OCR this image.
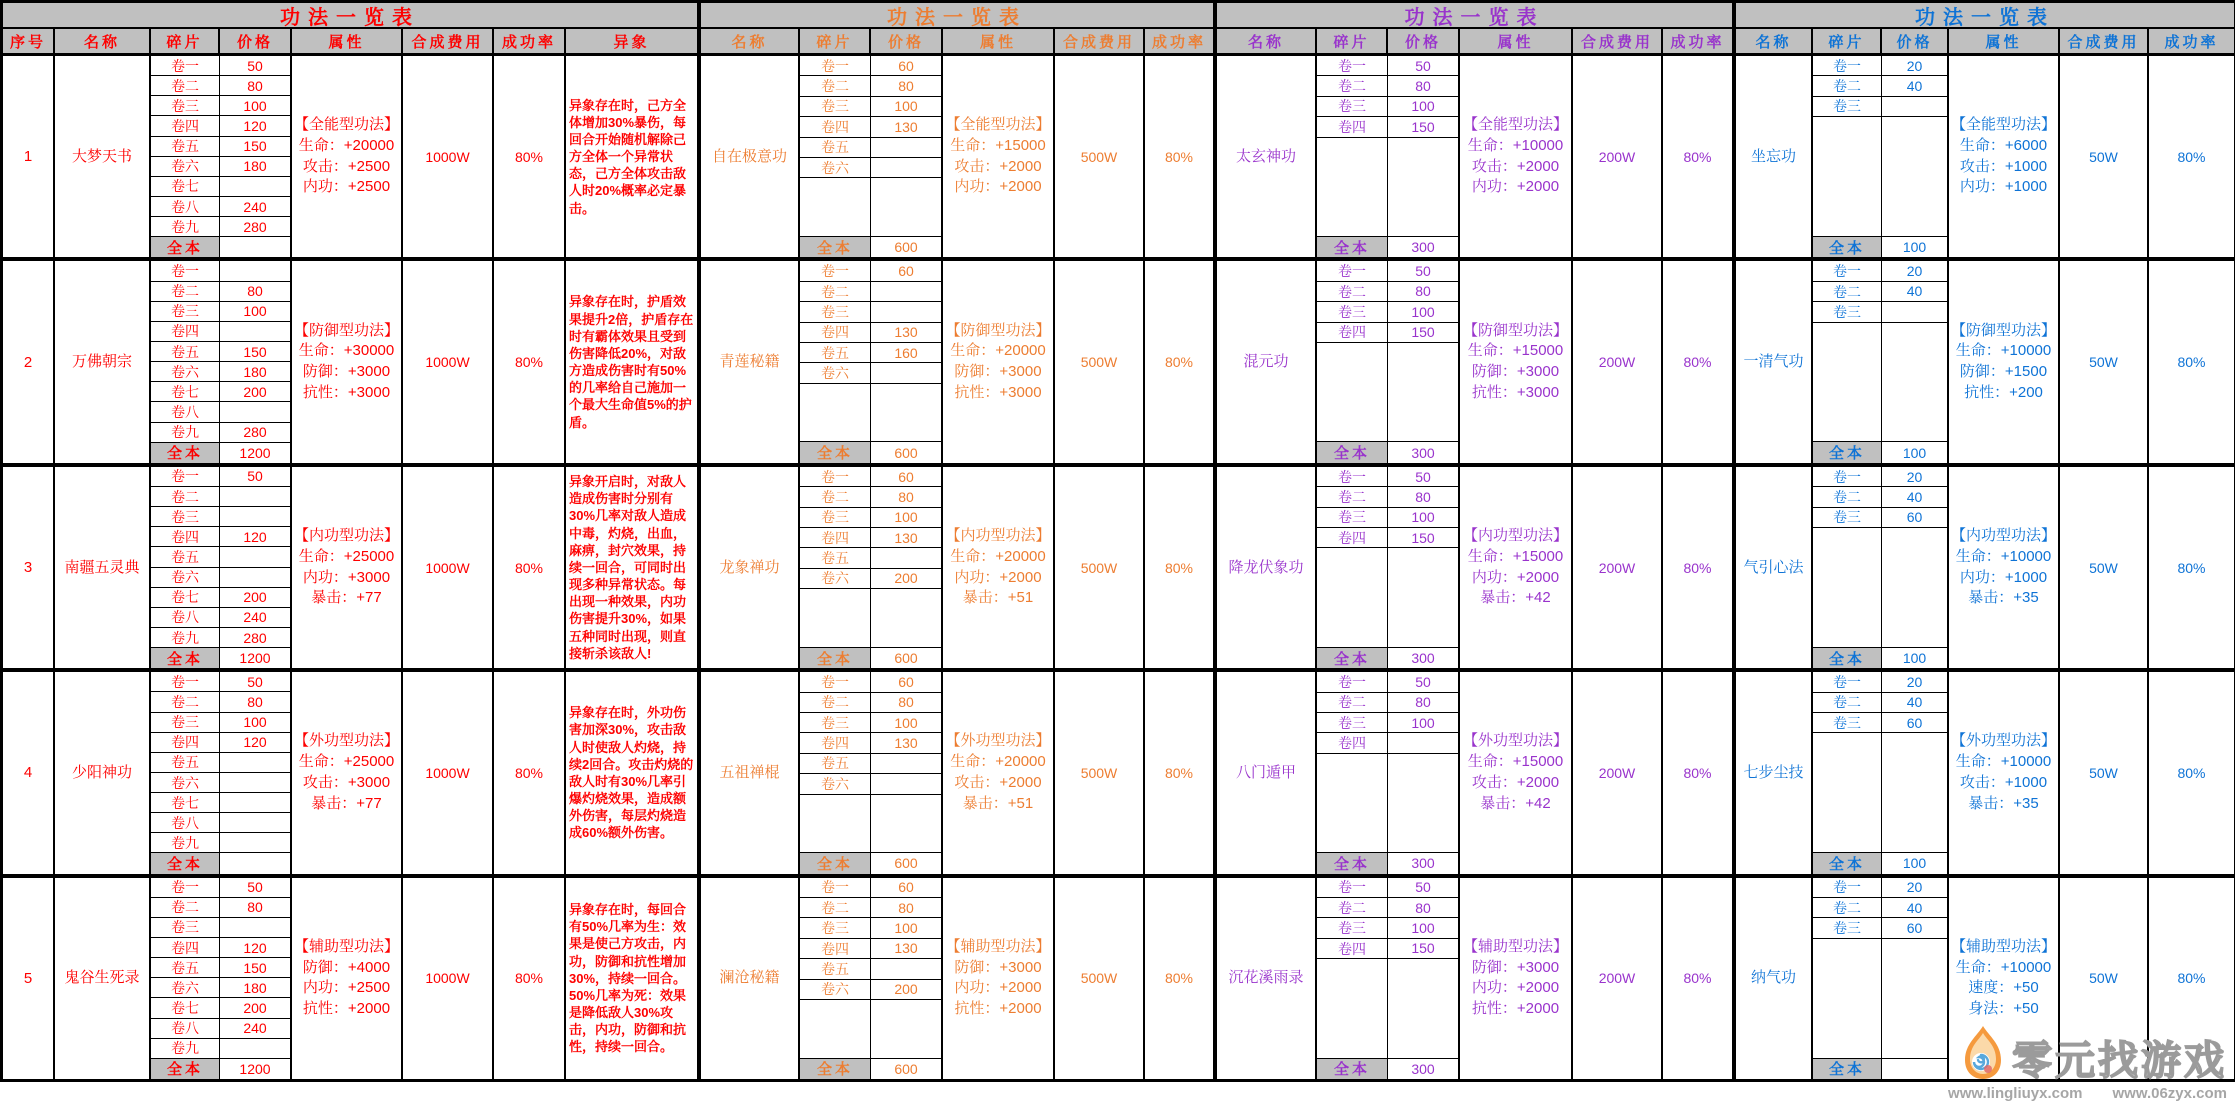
功法一览表
序号	名称	碎片	价格	属性	合成费用	成功率	异象
1	大梦天书
卷一	50
卷二	80
卷三	100
卷四	120
卷五	150
卷六	180
卷七
卷八	240
卷九	280
全本
【全能型功法】
生命：+20000
攻击：+2500
内功：+2500
1000W	80%
异象存在时，己方全体增加30%暴伤，每回合开始随机解除己方全体一个异常状态，己方全体攻击敌人时20%概率必定暴击。
2	万佛朝宗
卷一
卷二	80
卷三	100
卷四
卷五	150
卷六	180
卷七	200
卷八
卷九	280
全本	1200
【防御型功法】
生命：+30000
防御：+3000
抗性：+3000
1000W	80%
异象存在时，护盾效果提升2倍，护盾存在时有霸体效果且受到伤害降低20%，对敌方造成伤害时有50%的几率给自己施加一个最大生命值5%的护盾。
3	南疆五灵典
卷一	50
卷二
卷三
卷四	120
卷五
卷六
卷七	200
卷八	240
卷九	280
全本	1200
【内功型功法】
生命：+25000
内功：+3000
暴击：+77
1000W	80%
异象开启时，对敌人造成伤害时分别有30%几率对敌人造成中毒，灼烧，出血，麻痹，封穴效果，持续一回合，可同时出现多种异常状态。每出现一种效果，内功伤害提升30%，如果五种同时出现，则直接斩杀该敌人!
4	少阳神功
卷一	50
卷二	80
卷三	100
卷四	120
卷五
卷六
卷七
卷八
卷九
全本
【外功型功法】
生命：+25000
攻击：+3000
暴击：+77
1000W	80%
异象存在时，外功伤害加深30%，攻击敌人时使敌人灼烧，持续2回合。攻击灼烧的敌人时有30%几率引爆灼烧效果，造成额外伤害，每层灼烧造成60%额外伤害。
5	鬼谷生死录
卷一	50
卷二	80
卷三
卷四	120
卷五	150
卷六	180
卷七	200
卷八	240
卷九
全本	1200
【辅助型功法】
防御：+4000
内功：+2500
抗性：+2000
1000W	80%
异象存在时，每回合有50%几率为生：效果是使己方攻击，内功，防御和抗性增加30%，持续一回合。50%几率为死：效果是降低敌人30%攻击，内功，防御和抗性，持续一回合。
功法一览表
名称	碎片	价格	属性	合成费用	成功率
自在极意功
卷一	60
卷二	80
卷三	100
卷四	130
卷五
卷六
全本	600
【全能型功法】
生命：+15000
攻击：+2000
内功：+2000
500W	80%
青莲秘籍
卷一	60
卷二
卷三
卷四	130
卷五	160
卷六
全本	600
【防御型功法】
生命：+20000
防御：+3000
抗性：+3000
500W	80%
龙象禅功
卷一	60
卷二	80
卷三	100
卷四	130
卷五
卷六	200
全本	600
【内功型功法】
生命：+20000
内功：+2000
暴击：+51
500W	80%
五祖禅棍
卷一	60
卷二	80
卷三	100
卷四	130
卷五
卷六
全本	600
【外功型功法】
生命：+20000
攻击：+2000
暴击：+51
500W	80%
澜沧秘籍
卷一	60
卷二	80
卷三	100
卷四	130
卷五
卷六	200
全本	600
【辅助型功法】
防御：+3000
内功：+2000
抗性：+2000
500W	80%
功法一览表
名称	碎片	价格	属性	合成费用	成功率
太玄神功
卷一	50
卷二	80
卷三	100
卷四	150
全本	300
【全能型功法】
生命：+10000
攻击：+2000
内功：+2000
200W	80%
混元功
卷一	50
卷二	80
卷三	100
卷四	150
全本	300
【防御型功法】
生命：+15000
防御：+3000
抗性：+3000
200W	80%
降龙伏象功
卷一	50
卷二	80
卷三	100
卷四	150
全本	300
【内功型功法】
生命：+15000
内功：+2000
暴击：+42
200W	80%
八门遁甲
卷一	50
卷二	80
卷三	100
卷四
全本	300
【外功型功法】
生命：+15000
攻击：+2000
暴击：+42
200W	80%
沉花溪雨录
卷一	50
卷二	80
卷三	100
卷四	150
全本	300
【辅助型功法】
防御：+3000
内功：+2000
抗性：+2000
200W	80%
功法一览表
名称	碎片	价格	属性	合成费用	成功率
坐忘功
卷一	20
卷二	40
卷三
全本	100
【全能型功法】
生命：+6000
攻击：+1000
内功：+1000
50W	80%
一清气功
卷一	20
卷二	40
卷三
全本	100
【防御型功法】
生命：+10000
防御：+1500
抗性：+200
50W	80%
气引心法
卷一	20
卷二	40
卷三	60
全本	100
【内功型功法】
生命：+10000
内功：+1000
暴击：+35
50W	80%
七步尘技
卷一	20
卷二	40
卷三	60
全本	100
【外功型功法】
生命：+10000
攻击：+1000
暴击：+35
50W	80%
纳气功
卷一	20
卷二	40
卷三	60
全本
【辅助型功法】
生命：+10000
速度：+50
身法：+50
50W	80%
零元找游戏
www.lingliuyx.com www.06zyx.com
